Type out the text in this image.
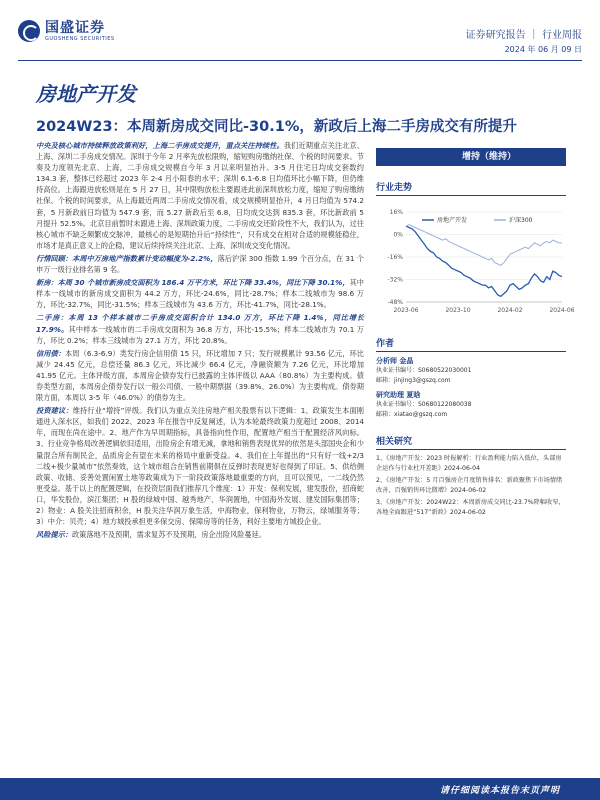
国盛证券
GUOSHENG SECURITIES	证券研究报告 ｜ 行业周报
2024 年 06 月 09 日
房地产开发
2024W23：本周新房成交同比-30.1%，新政后上海二手房成交有所提升

中央及核心城市持续释放政策利好，上海二手房成交提升，重点关注持续性。我们近期重点关注北京、上海、深圳二手房成交情况。深圳于今年 2 月率先放松限购，缩短购房缴纳社保、个税的时间要求。节奏及力度领先北京、上海，二手房成交规模自今年 3 月以来明显抬升。3-5 月住宅日均成交套数约 134.3 套，整体已经超过 2023 年 2-4 月小阳春的水平；深圳 6.1-6.8 日均值环比小幅下降，但仍维持高位。上海跟进放松则是在 5 月 27 日，其中限购放松主要跟进此前深圳放松力度，缩短了购房缴纳社保、个税的时间要求，从上海最近两周二手房成交情况看，成交规模明显抬升，4 月日均值为 574.2 套，5 月新政前日均值为 547.9 套，而 5.27 新政后至 6.8，日均成交达到 835.3 套，环比新政前 5 月提升 52.5%。北京目前暂时未跟进上海、深圳政策力度，二手房成交还阶段性不大，我们认为，过往核心城市不缺乏频繁成交脉冲，最核心的是短期抬升后“持续性”，只有成交在相对合适的规模能稳住，市场才是真正意义上的企稳，建议后续持续关注北京、上海、深圳成交变化情况。

行情回顾：本周中万房地产指数累计变动幅度为-2.2%，落后沪深 300 指数 1.99 个百分点，在 31 个申万一级行业排名第 9 名。

新房：本周 30 个城市新房成交面积为 186.4 万平方米，环比下降 33.4%，同比下降 30.1%，其中样本一线城市的新房成交面积为 44.2 万方，环比-24.6%，同比-28.7%；样本二线城市为 98.6 万方，环比-32.7%，同比-31.5%；样本三线城市为 43.6 万方，环比-41.7%，同比-28.1%。

二手房：本周 13 个样本城市二手房成交面积合计 134.0 万方，环比下降 1.4%，同比增长 17.9%。其中样本一线城市的二手房成交面积为 36.8 万方，环比-15.5%；样本二线城市为 70.1 万方，环比 0.2%；样本三线城市为 27.1 万方，环比 20.8%。

信用债：本周（6.3-6.9）类发行房企信用债 15 只，环比增加 7 只；发行规模累计 93.56 亿元，环比减少 24.45 亿元，总偿还量 86.3 亿元，环比减少 66.4 亿元，净融资额为 7.26 亿元，环比增加 41.95 亿元。主体评级方面，本周房企债券发行已披露的主体评级以 AAA（80.8%）为主要构成。债券类型方面，本周房企债券发行以一般公司债、一般中期票据（39.8%、26.0%）为主要构成。债券期限方面，本周以 3-5 年（46.0%）的债券为主。

投资建议：维持行业“增持”评级。我们认为重点关注房地产相关股票有以下逻辑：1、政策发生本面刚通进入深水区，如我们 2022、2023 年在报告中反复阐述，认为本轮最终政策力度超过 2008、2014 年，而现在尚在途中。2、地产作为早周期指标，具备指向性作用，配置地产相当于配置经济风向标。3、行业竞争格局改善逻辑依旧适用，出险房企有增无减，拿地和销售表现优异的依然是头部国央企和少量混合所有制民企，品质房企有望在未来的格局中重新受益。4、我们在上年提出的“只有好一线+2/3 二线+极少量城市”依然奏效，这个城市组合在销售前期俱在反弹时表现更好也得到了印证。5、供给侧政策、收储、妥善处置闲置土地等政策成为下一阶段政策落地最重要的方向，且可以预见，一二线仍然更受益。基于以上的配置逻辑，在投资层面我们推荐几个维度：1）开发：保利发展，建发股份，招商蛇口，华发股份，滨江集团；H 股的绿城中国、越秀地产、华润置地，中国海外发展、建发国际集团等；2）物业：A 股关注招商积余，H 股关注华润万象生活，中海物业，保利物业，万物云，绿城服务等；3）中介：贝壳；4）地方城投承担更多保交房、保障房等的任务，利好主要地方城投企业。

风险提示：政策落地不及预期，需求复苏不及预期，房企出险风险蔓延。

增持（维持）
行业走势
16%
0%
-16%
-32%
-48%
2023-06	2023-10	2024-02	2024-06
房地产开发	沪深300
作者
分析师 金晶
执业证书编号：S0680522030001
邮箱：jinjing3@gszq.com
研究助理 夏晗
执业证书编号：S0680122080038
邮箱：xiatao@gszq.com
相关研究
1、《房地产开发：2023 时报解析：行业盈利能力陷入低位，头部房企运作与行业杜开差距》2024-06-04
2、《房地产开发：5 月百强房企月度销售排名：新政聚焦下市场情绪改善，百强销售环比微增》2024-06-02
3、《房地产开发：2024W22：本周新房成交同比-23.7%降幅收窄，各地全面跟进“517”新政》2024-06-02
请仔细阅读本报告末页声明
